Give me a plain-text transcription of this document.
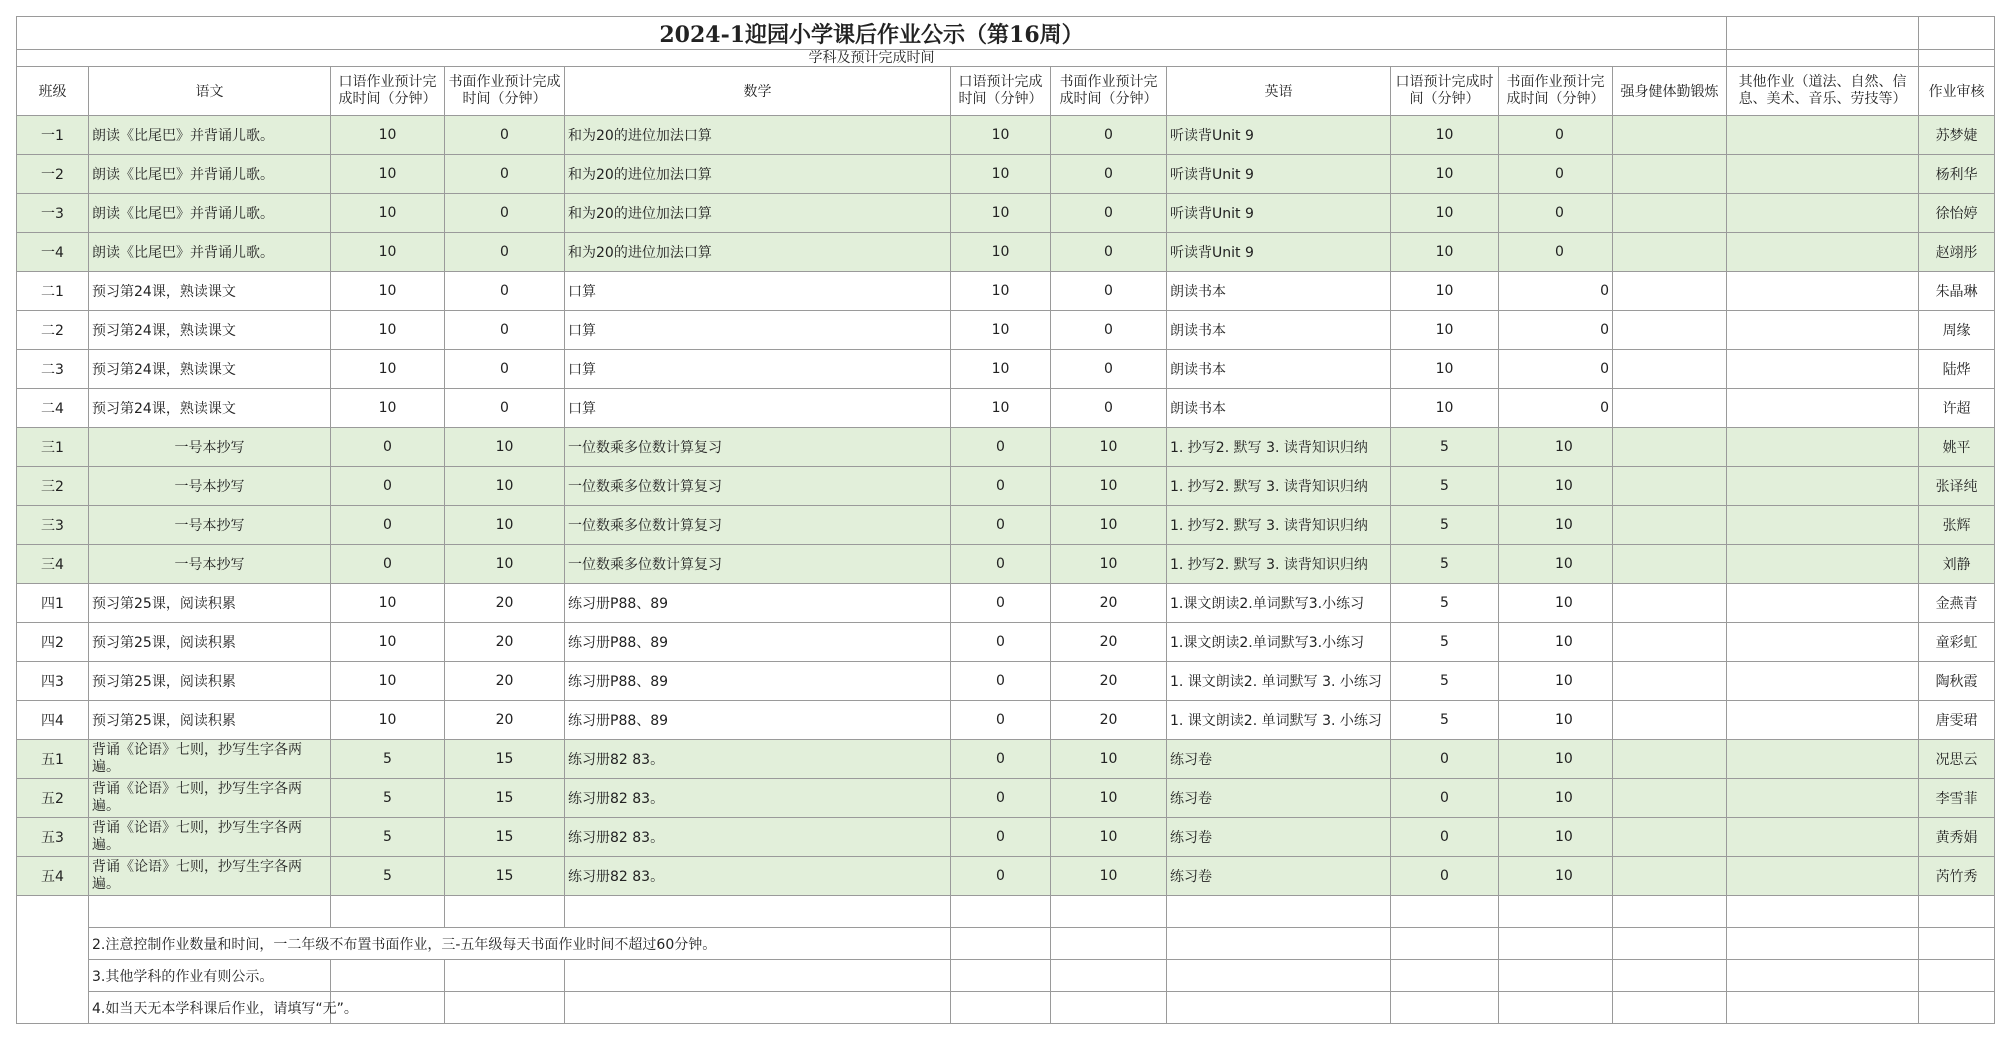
2024-1迎园小学课后作业公示（第16周）												
学科及预计完成时间												
班级	语文	口语作业预计完成时间（分钟）	书面作业预计完成时间（分钟）	数学	口语预计完成时间（分钟）	书面作业预计完成时间（分钟）	英语	口语预计完成时间（分钟）	书面作业预计完成时间（分钟）	强身健体勤锻炼	其他作业（道法、自然、信息、美术、音乐、劳技等）	作业审核
一1	朗读《比尾巴》并背诵儿歌。	10	0	和为20的进位加法口算	10	0	听读背Unit 9	10	0			苏梦婕
一2	朗读《比尾巴》并背诵儿歌。	10	0	和为20的进位加法口算	10	0	听读背Unit 9	10	0			杨利华
一3	朗读《比尾巴》并背诵儿歌。	10	0	和为20的进位加法口算	10	0	听读背Unit 9	10	0			徐怡婷
一4	朗读《比尾巴》并背诵儿歌。	10	0	和为20的进位加法口算	10	0	听读背Unit 9	10	0			赵翊彤
二1	预习第24课，熟读课文	10	0	口算	10	0	朗读书本	10	0			朱晶琳
二2	预习第24课，熟读课文	10	0	口算	10	0	朗读书本	10	0			周缘
二3	预习第24课，熟读课文	10	0	口算	10	0	朗读书本	10	0			陆烨
二4	预习第24课，熟读课文	10	0	口算	10	0	朗读书本	10	0			许超
三1	一号本抄写	0	10	一位数乘多位数计算复习	0	10	1. 抄写2. 默写 3. 读背知识归纳	5	10			姚平
三2	一号本抄写	0	10	一位数乘多位数计算复习	0	10	1. 抄写2. 默写 3. 读背知识归纳	5	10			张译纯
三3	一号本抄写	0	10	一位数乘多位数计算复习	0	10	1. 抄写2. 默写 3. 读背知识归纳	5	10			张辉
三4	一号本抄写	0	10	一位数乘多位数计算复习	0	10	1. 抄写2. 默写 3. 读背知识归纳	5	10			刘静
四1	预习第25课，阅读积累	10	20	练习册P88、89	0	20	1.课文朗读2.单词默写3.小练习	5	10			金燕青
四2	预习第25课，阅读积累	10	20	练习册P88、89	0	20	1.课文朗读2.单词默写3.小练习	5	10			童彩虹
四3	预习第25课，阅读积累	10	20	练习册P88、89	0	20	1. 课文朗读2. 单词默写 3. 小练习	5	10			陶秋霞
四4	预习第25课，阅读积累	10	20	练习册P88、89	0	20	1. 课文朗读2. 单词默写 3. 小练习	5	10			唐雯珺
五1	背诵《论语》七则，抄写生字各两遍。	5	15	练习册82 83。	0	10	练习卷	0	10			况思云
五2	背诵《论语》七则，抄写生字各两遍。	5	15	练习册82 83。	0	10	练习卷	0	10			李雪菲
五3	背诵《论语》七则，抄写生字各两遍。	5	15	练习册82 83。	0	10	练习卷	0	10			黄秀娟
五4	背诵《论语》七则，抄写生字各两遍。	5	15	练习册82 83。	0	10	练习卷	0	10			芮竹秀

	2.注意控制作业数量和时间，一二年级不布置书面作业，三-五年级每天书面作业时间不超过60分钟。											
	3.其他学科的作业有则公示。											
	4.如当天无本学科课后作业，请填写“无”。											
